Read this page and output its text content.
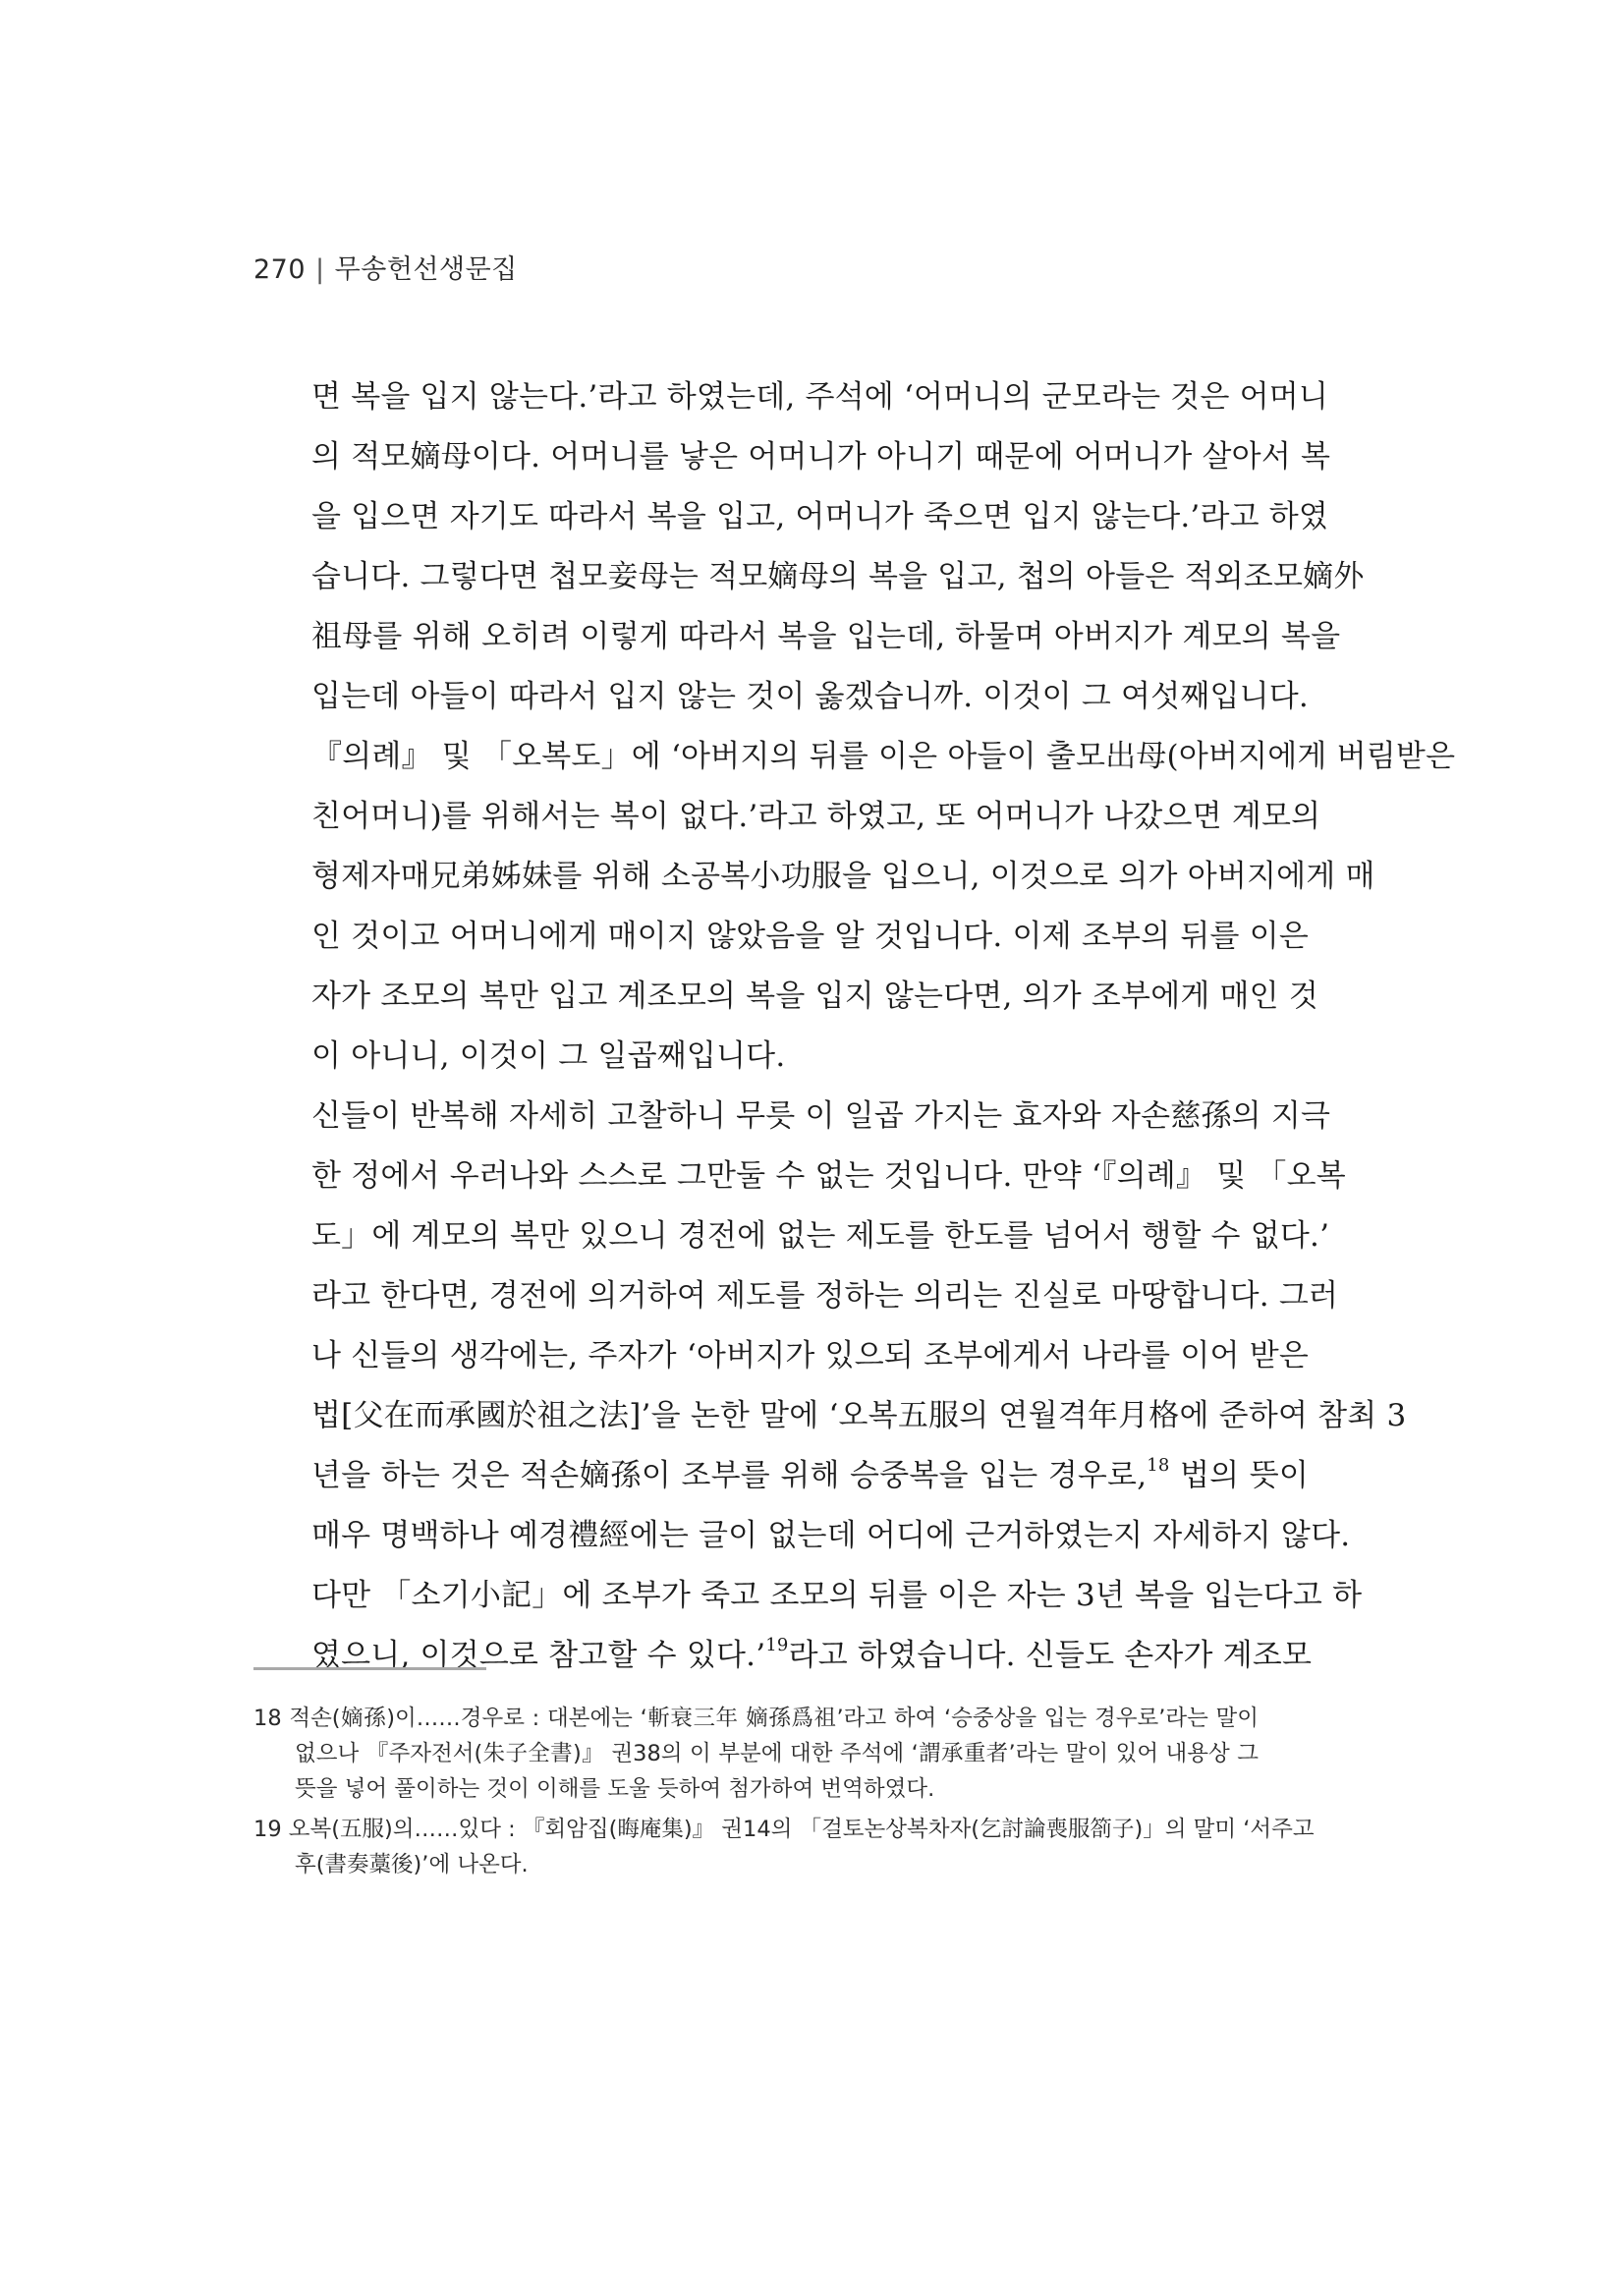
270 | 무송헌선생문집
면 복을 입지 않는다.’라고 하였는데, 주석에 ‘어머니의 군모라는 것은 어머니
의 적모嫡母이다. 어머니를 낳은 어머니가 아니기 때문에 어머니가 살아서 복
을 입으면 자기도 따라서 복을 입고, 어머니가 죽으면 입지 않는다.’라고 하였
습니다. 그렇다면 첩모妾母는 적모嫡母의 복을 입고, 첩의 아들은 적외조모嫡外
祖母를 위해 오히려 이렇게 따라서 복을 입는데, 하물며 아버지가 계모의 복을
입는데 아들이 따라서 입지 않는 것이 옳겠습니까. 이것이 그 여섯째입니다.
『의례』 및 「오복도」에 ‘아버지의 뒤를 이은 아들이 출모出母(아버지에게 버림받은
친어머니)를 위해서는 복이 없다.’라고 하였고, 또 어머니가 나갔으면 계모의
형제자매兄弟姊妹를 위해 소공복小功服을 입으니, 이것으로 의가 아버지에게 매
인 것이고 어머니에게 매이지 않았음을 알 것입니다. 이제 조부의 뒤를 이은
자가 조모의 복만 입고 계조모의 복을 입지 않는다면, 의가 조부에게 매인 것
이 아니니, 이것이 그 일곱째입니다.
신들이 반복해 자세히 고찰하니 무릇 이 일곱 가지는 효자와 자손慈孫의 지극
한 정에서 우러나와 스스로 그만둘 수 없는 것입니다. 만약 ‘『의례』 및 「오복
도」에 계모의 복만 있으니 경전에 없는 제도를 한도를 넘어서 행할 수 없다.’
라고 한다면, 경전에 의거하여 제도를 정하는 의리는 진실로 마땅합니다. 그러
나 신들의 생각에는, 주자가 ‘아버지가 있으되 조부에게서 나라를 이어 받은
법[父在而承國於祖之法]’을 논한 말에 ‘오복五服의 연월격年月格에 준하여 참최 3
년을 하는 것은 적손嫡孫이 조부를 위해 승중복을 입는 경우로,$^{18}$ 법의 뜻이
매우 명백하나 예경禮經에는 글이 없는데 어디에 근거하였는지 자세하지 않다.
다만 「소기小記」에 조부가 죽고 조모의 뒤를 이은 자는 3년 복을 입는다고 하
였으니, 이것으로 참고할 수 있다.’$^{19}$라고 하였습니다. 신들도 손자가 계조모
18 적손(嫡孫)이……경우로 : 대본에는 ‘斬衰三年 嫡孫爲祖’라고 하여 ‘승중상을 입는 경우로’라는 말이
없으나 『주자전서(朱子全書)』 권38의 이 부분에 대한 주석에 ‘謂承重者’라는 말이 있어 내용상 그
뜻을 넣어 풀이하는 것이 이해를 도울 듯하여 첨가하여 번역하였다.
19 오복(五服)의……있다 : 『회암집(晦庵集)』 권14의 「걸토논상복차자(乞討論喪服箚子)」의 말미 ‘서주고
후(書奏藁後)’에 나온다.
